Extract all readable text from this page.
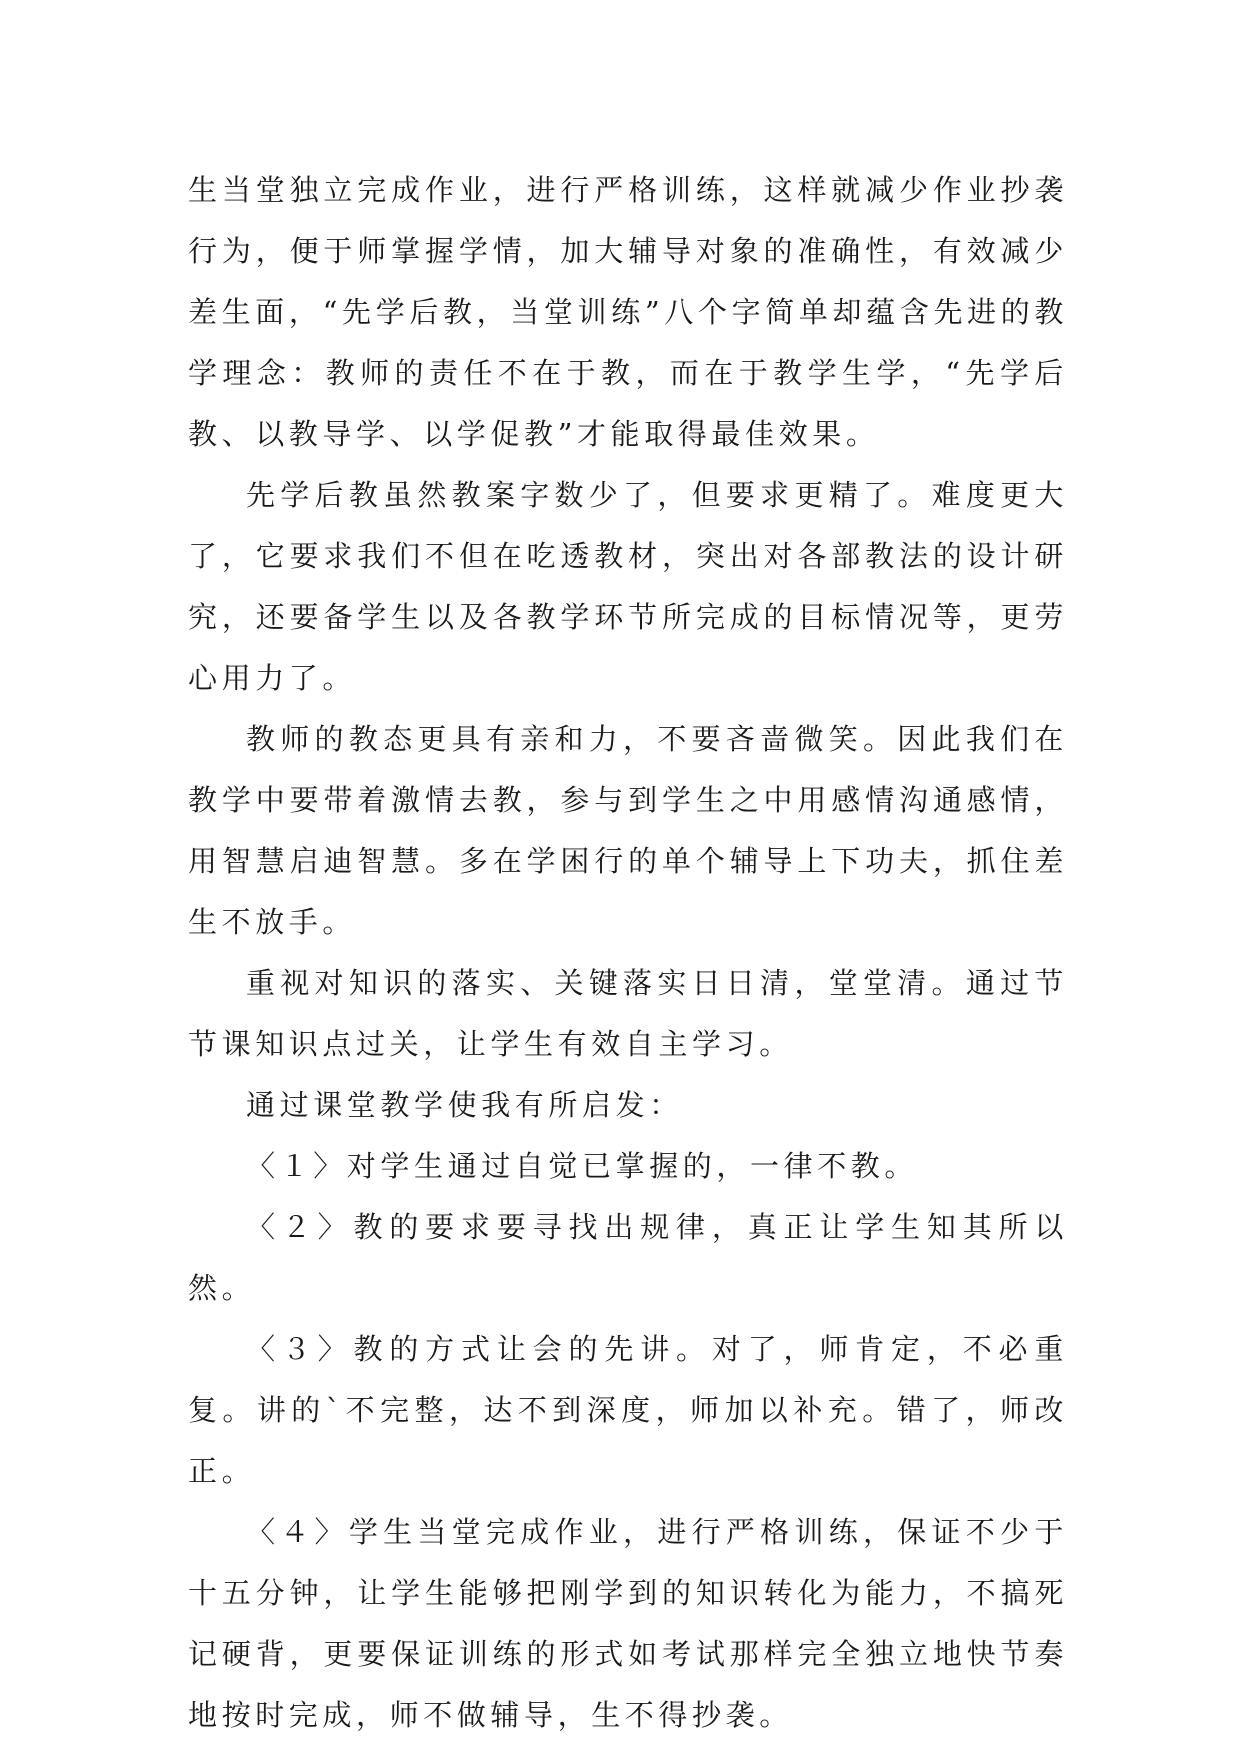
生当堂独立完成作业，进行严格训练，这样就减少作业抄袭行为，便于师掌握学情，加大辅导对象的准确性，有效减少差生面，“先学后教，当堂训练”八个字简单却蕴含先进的教学理念：教师的责任不在于教，而在于教学生学，“先学后教、以教导学、以学促教”才能取得最佳效果。

先学后教虽然教案字数少了，但要求更精了。难度更大了，它要求我们不但在吃透教材，突出对各部教法的设计研究，还要备学生以及各教学环节所完成的目标情况等，更劳心用力了。

教师的教态更具有亲和力，不要吝啬微笑。因此我们在教学中要带着激情去教，参与到学生之中用感情沟通感情，用智慧启迪智慧。多在学困行的单个辅导上下功夫，抓住差生不放手。

重视对知识的落实、关键落实日日清，堂堂清。通过节节课知识点过关，让学生有效自主学习。

通过课堂教学使我有所启发：

〈１〉对学生通过自觉已掌握的，一律不教。

〈２〉教的要求要寻找出规律，真正让学生知其所以然。

〈３〉教的方式让会的先讲。对了，师肯定，不必重复。讲的`不完整，达不到深度，师加以补充。错了，师改正。

〈４〉学生当堂完成作业，进行严格训练，保证不少于十五分钟，让学生能够把刚学到的知识转化为能力，不搞死记硬背，更要保证训练的形式如考试那样完全独立地快节奏地按时完成，师不做辅导，生不得抄袭。
